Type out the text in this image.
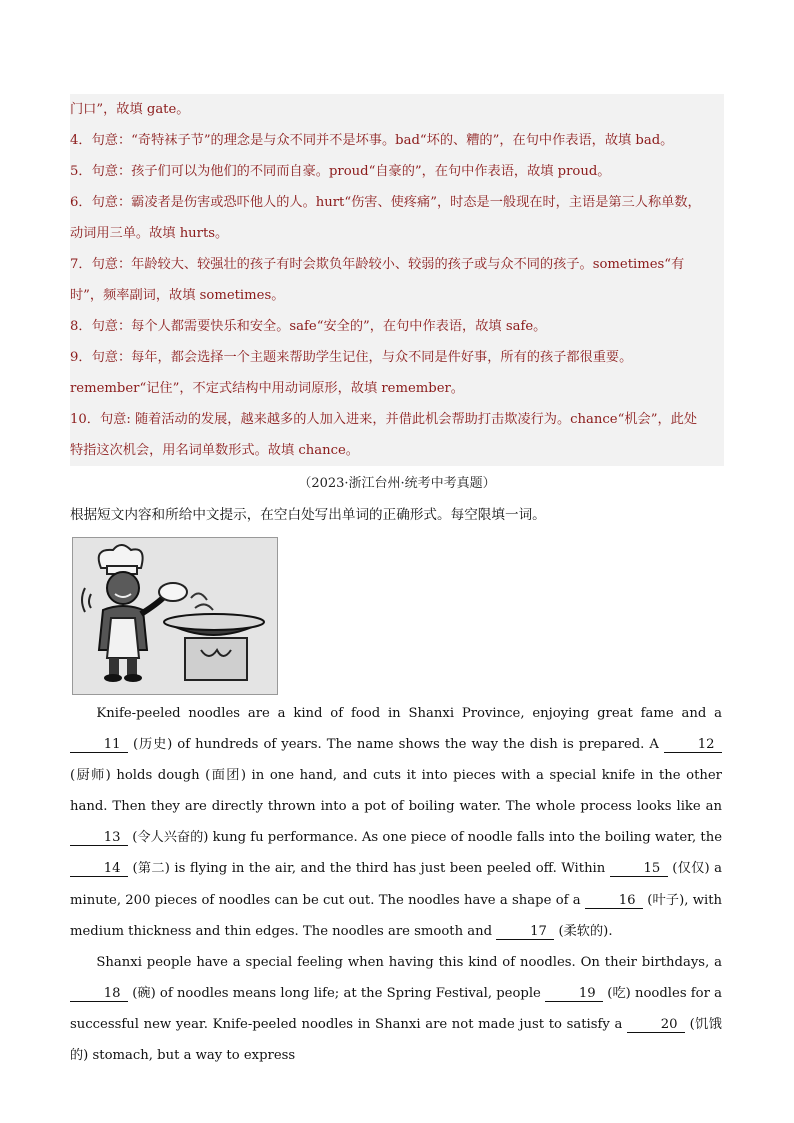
门口”，故填 gate。
4．句意：“奇特袜子节”的理念是与众不同并不是坏事。bad“坏的、糟的”，在句中作表语，故填 bad。
5．句意：孩子们可以为他们的不同而自豪。proud“自豪的”，在句中作表语，故填 proud。
6．句意：霸凌者是伤害或恐吓他人的人。hurt“伤害、使疼痛”，时态是一般现在时，主语是第三人称单数，
动词用三单。故填 hurts。
7．句意：年龄较大、较强壮的孩子有时会欺负年龄较小、较弱的孩子或与众不同的孩子。sometimes“有
时”，频率副词，故填 sometimes。
8．句意：每个人都需要快乐和安全。safe“安全的”，在句中作表语，故填 safe。
9．句意：每年，都会选择一个主题来帮助学生记住，与众不同是件好事，所有的孩子都很重要。
remember“记住”，不定式结构中用动词原形，故填 remember。
10．句意: 随着活动的发展，越来越多的人加入进来，并借此机会帮助打击欺凌行为。chance“机会”，此处
特指这次机会，用名词单数形式。故填 chance。
（2023·浙江台州·统考中考真题）
根据短文内容和所给中文提示，在空白处写出单词的正确形式。每空限填一词。

Knife-peeled noodles are a kind of food in Shanxi Province, enjoying great fame and a 11 (历史) of hundreds of years. The name shows the way the dish is prepared. A	12 (厨师) holds dough (面团) in one hand, and cuts it into pieces with a special knife in the other hand. Then they are directly thrown into a pot of boiling water. The whole process looks like an 13 (令人兴奋的) kung fu performance. As one piece of noodle falls into the boiling water, the 14 (第二) is flying in the air, and the third has just been peeled off. Within	15 (仅仅) a minute, 200 pieces of noodles can be cut out. The noodles have a shape of a	16 (叶子), with medium thickness and thin edges. The noodles are smooth and	17 (柔软的).

Shanxi people have a special feeling when having this kind of noodles. On their birthdays, a 18 (碗) of noodles means long life; at the Spring Festival, people	19 (吃) noodles for a successful new year. Knife-peeled noodles in Shanxi are not made just to satisfy a	20 (饥饿的) stomach, but a way to express
